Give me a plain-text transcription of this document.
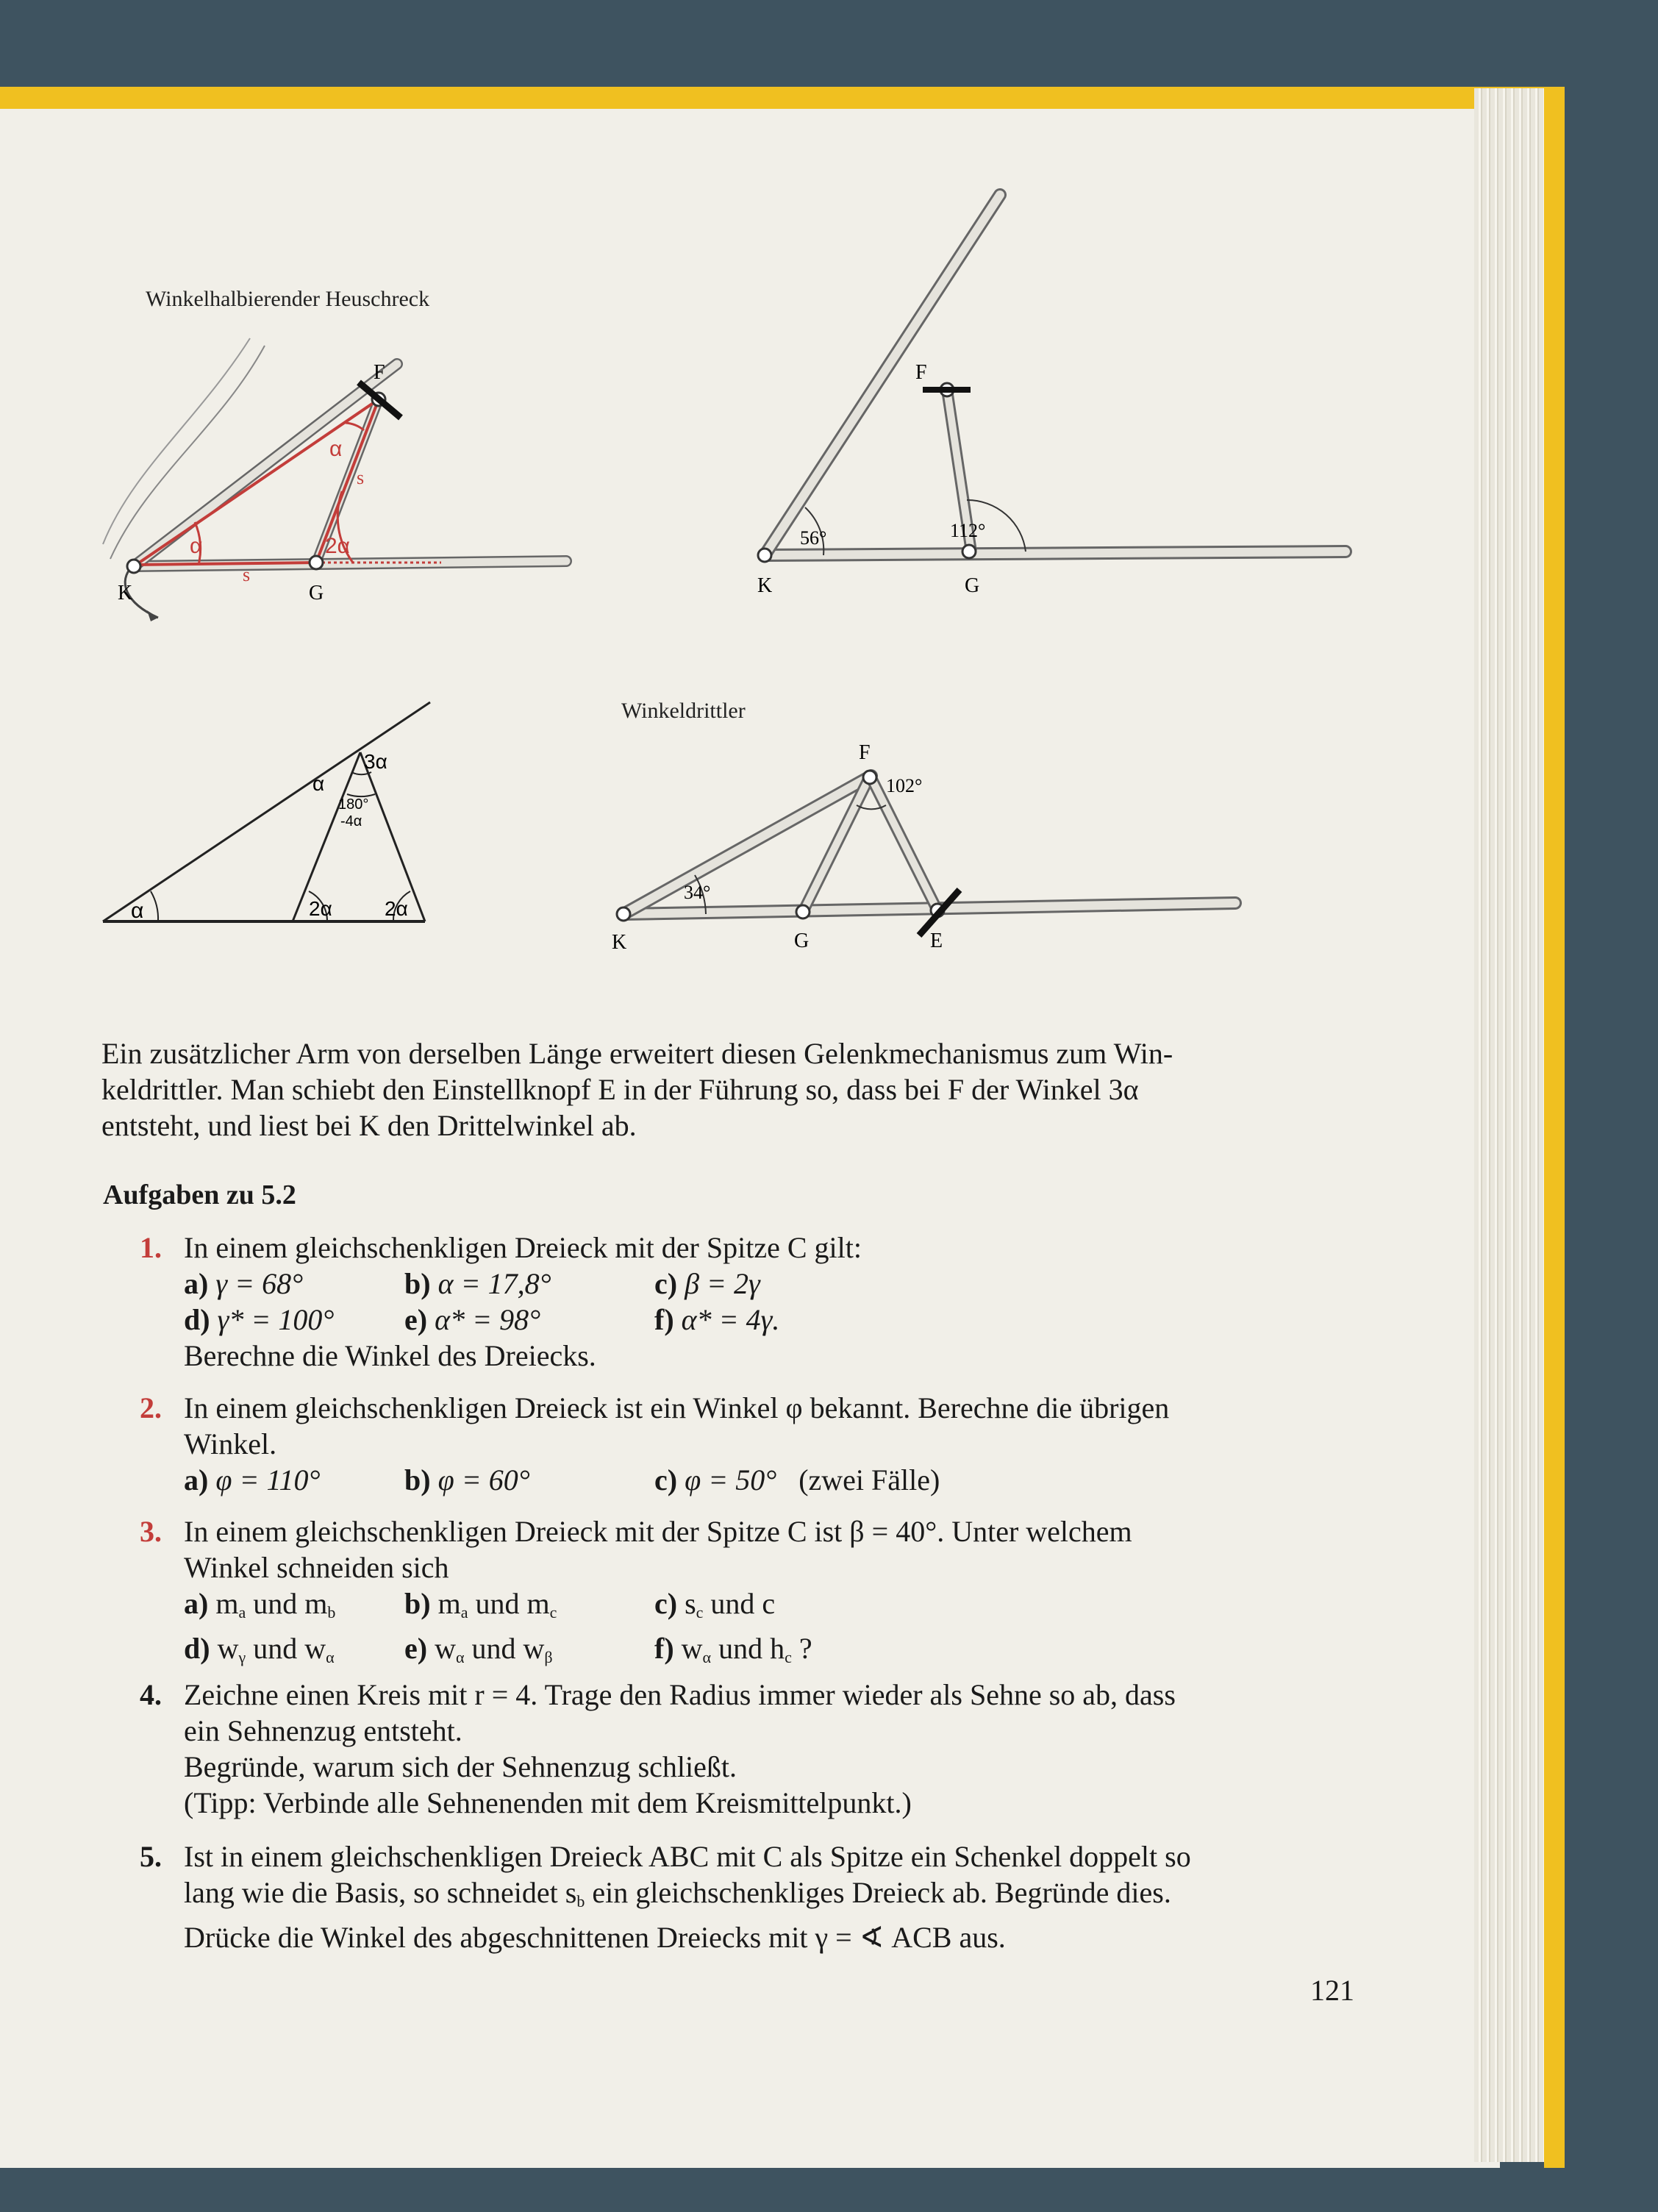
Winkelhalbierender Heuschreck
K	G
F
s
s
α
α
2α
K	G
F
56°	112°
α	2α	2α
α
3α
180°
-4α
Winkeldrittler
K	G	E
F
34°
102°
Ein zusätzlicher Arm von derselben Länge erweitert diesen Gelenkmechanismus zum Win-
keldrittler. Man schiebt den Einstellknopf E in der Führung so, dass bei F der Winkel 3α
entsteht, und liest bei K den Drittelwinkel ab.
Aufgaben zu 5.2
1. In einem gleichschenkligen Dreieck mit der Spitze C gilt:
a) γ = 68°	b) α = 17,8°	c) β = 2γ
d) γ* = 100° e) α* = 98°	f) α* = 4γ.
Berechne die Winkel des Dreiecks.
2. In einem gleichschenkligen Dreieck ist ein Winkel φ bekannt. Berechne die übrigen
Winkel.
a) φ = 110°	b) φ = 60°	c) φ = 50° (zwei Fälle)
3. In einem gleichschenkligen Dreieck mit der Spitze C ist β = 40°. Unter welchem
Winkel schneiden sich
a) $m_a$ und $m_b$ b) $m_a$ und $m_c$	c) $s_c$ und c
d) $w_\gamma$ und $w_\alpha$ e) $w_\alpha$ und $w_\beta$	f) $w_\alpha$ und $h_c$ ?
4. Zeichne einen Kreis mit r = 4. Trage den Radius immer wieder als Sehne so ab, dass
ein Sehnenzug entsteht.
Begründe, warum sich der Sehnenzug schließt.
(Tipp: Verbinde alle Sehnenenden mit dem Kreismittelpunkt.)
5. Ist in einem gleichschenkligen Dreieck ABC mit C als Spitze ein Schenkel doppelt so
lang wie die Basis, so schneidet $s_b$ ein gleichschenkliges Dreieck ab. Begründe dies.
Drücke die Winkel des abgeschnittenen Dreiecks mit γ = ∢ ACB aus.
121
